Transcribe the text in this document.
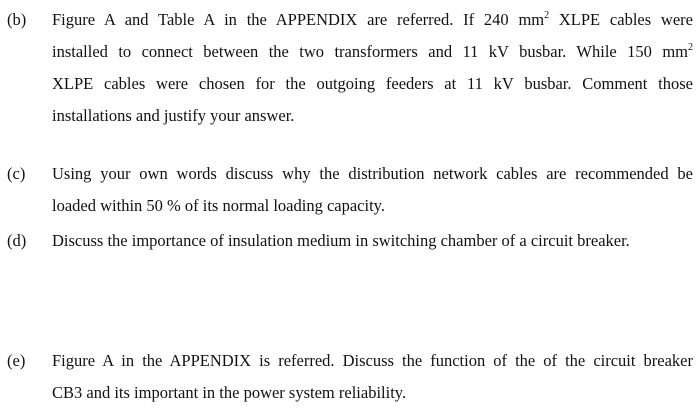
(b) Figure A and Table A in the APPENDIX are referred. If 240 $mm^2$ XLPE cables were
installed to connect between the two transformers and 11 kV busbar. While 150 $mm^2$
XLPE cables were chosen for the outgoing feeders at 11 kV busbar. Comment those
installations and justify your answer.
(c) Using your own words discuss why the distribution network cables are recommended be
loaded within 50 % of its normal loading capacity.
(d) Discuss the importance of insulation medium in switching chamber of a circuit breaker.
(e) Figure A in the APPENDIX is referred. Discuss the function of the of the circuit breaker
CB3 and its important in the power system reliability.
